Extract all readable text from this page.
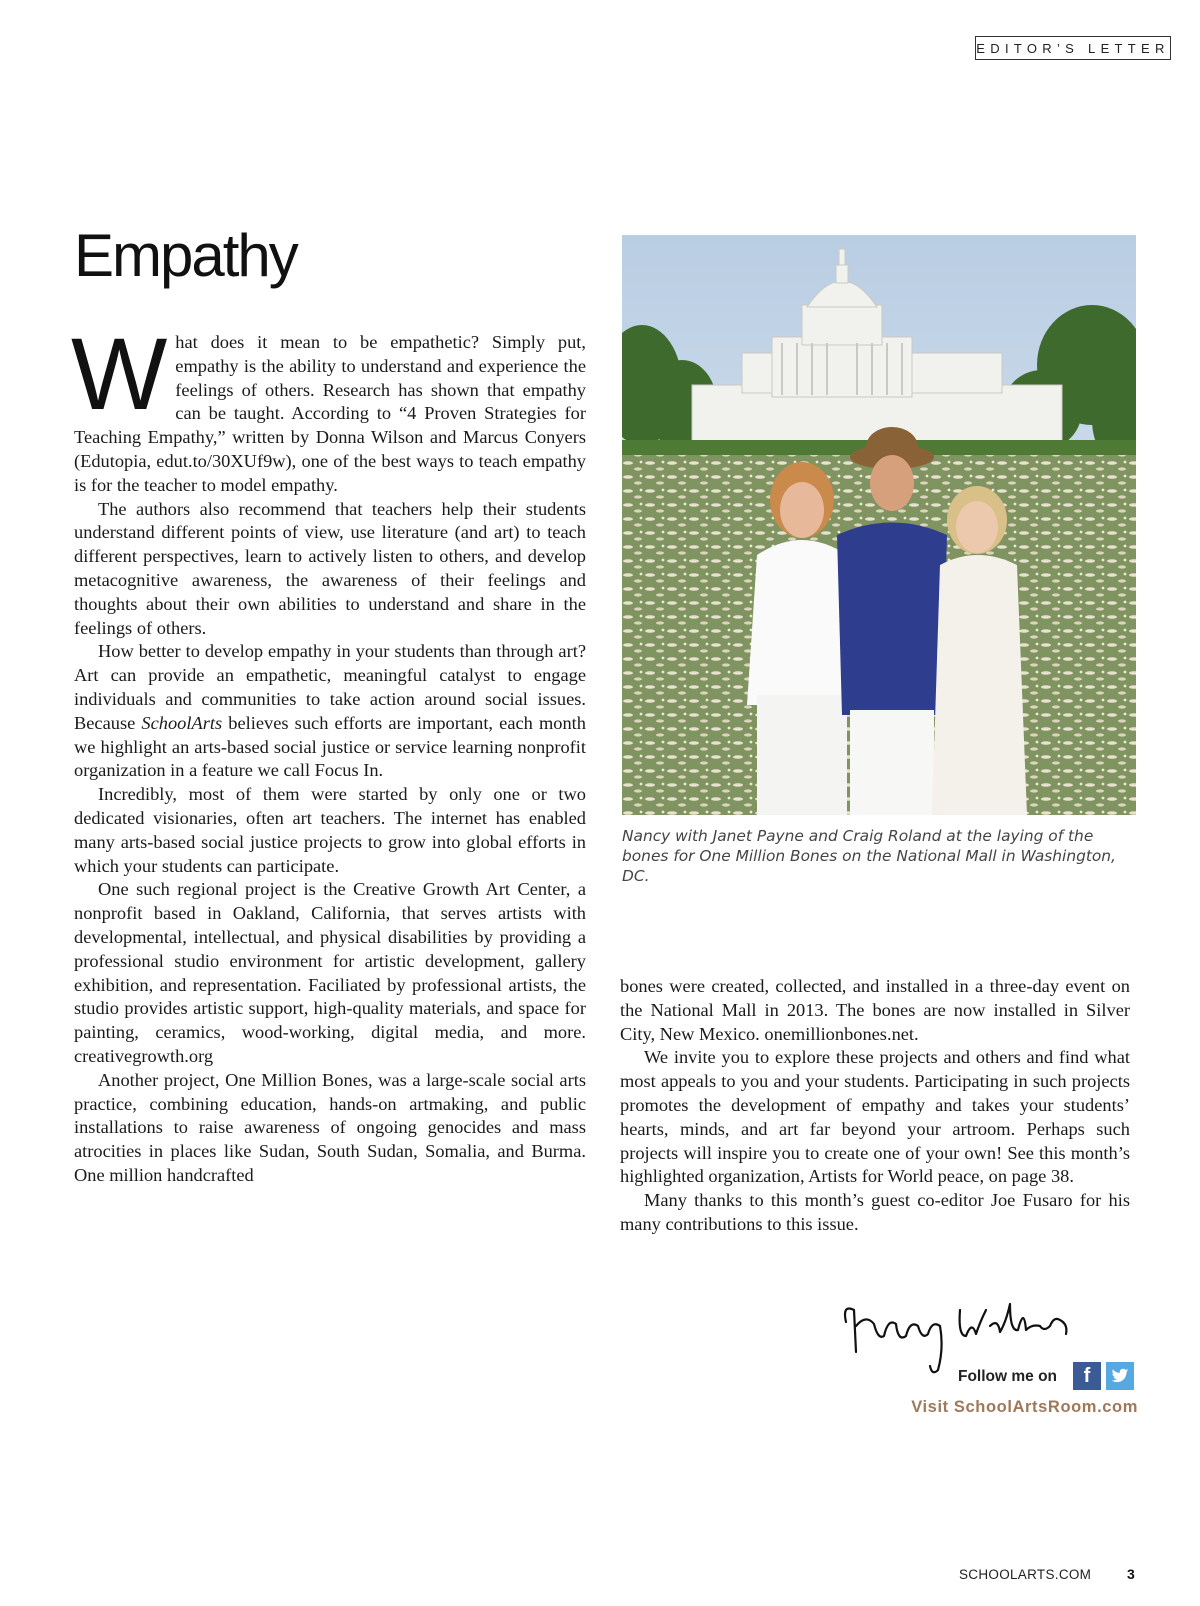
EDITOR’S LETTER
Empathy

What does it mean to be empathetic? Simply put, empathy is the ability to understand and experience the feelings of others. Research has shown that empathy can be taught. According to “4 Proven Strategies for Teaching Empathy,” written by Donna Wilson and Marcus Conyers (Edutopia, edut.to/30XUf9w), one of the best ways to teach empathy is for the teacher to model empathy.

The authors also recommend that teachers help their students understand different points of view, use literature (and art) to teach different perspectives, learn to actively listen to others, and develop metacognitive awareness, the awareness of their feelings and thoughts about their own abilities to understand and share in the feelings of others.

How better to develop empathy in your students than through art? Art can provide an empathetic, meaningful catalyst to engage individuals and communities to take action around social issues. Because SchoolArts believes such efforts are important, each month we highlight an arts-based social justice or service learning nonprofit organization in a feature we call Focus In.

Incredibly, most of them were started by only one or two dedicated visionaries, often art teachers. The internet has enabled many arts-based social justice projects to grow into global efforts in which your students can participate.

One such regional project is the Creative Growth Art Center, a nonprofit based in Oakland, California, that serves artists with developmental, intellectual, and physical disabilities by providing a professional studio environment for artistic development, gallery exhibition, and representation. Faciliated by professional artists, the studio provides artistic support, high-quality materials, and space for painting, ceramics, wood-working, digital media, and more. creativegrowth.org

Another project, One Million Bones, was a large-scale social arts practice, combining education, hands-on artmaking, and public installations to raise awareness of ongoing genocides and mass atrocities in places like Sudan, South Sudan, Somalia, and Burma. One million handcrafted

Nancy with Janet Payne and Craig Roland at the laying of the bones for One Million Bones on the National Mall in Washington, DC.

bones were created, collected, and installed in a three-day event on the National Mall in 2013. The bones are now installed in Silver City, New Mexico. onemillionbones.net.

We invite you to explore these projects and others and find what most appeals to you and your students. Participating in such projects promotes the development of empathy and takes your students’ hearts, minds, and art far beyond your artroom. Perhaps such projects will inspire you to create one of your own! See this month’s highlighted organization, Artists for World peace, on page 38.

Many thanks to this month’s guest co-editor Joe Fusaro for his many contributions to this issue.

Follow me on	f
Visit SchoolArtsRoom.com
SCHOOLARTS.COM	3
